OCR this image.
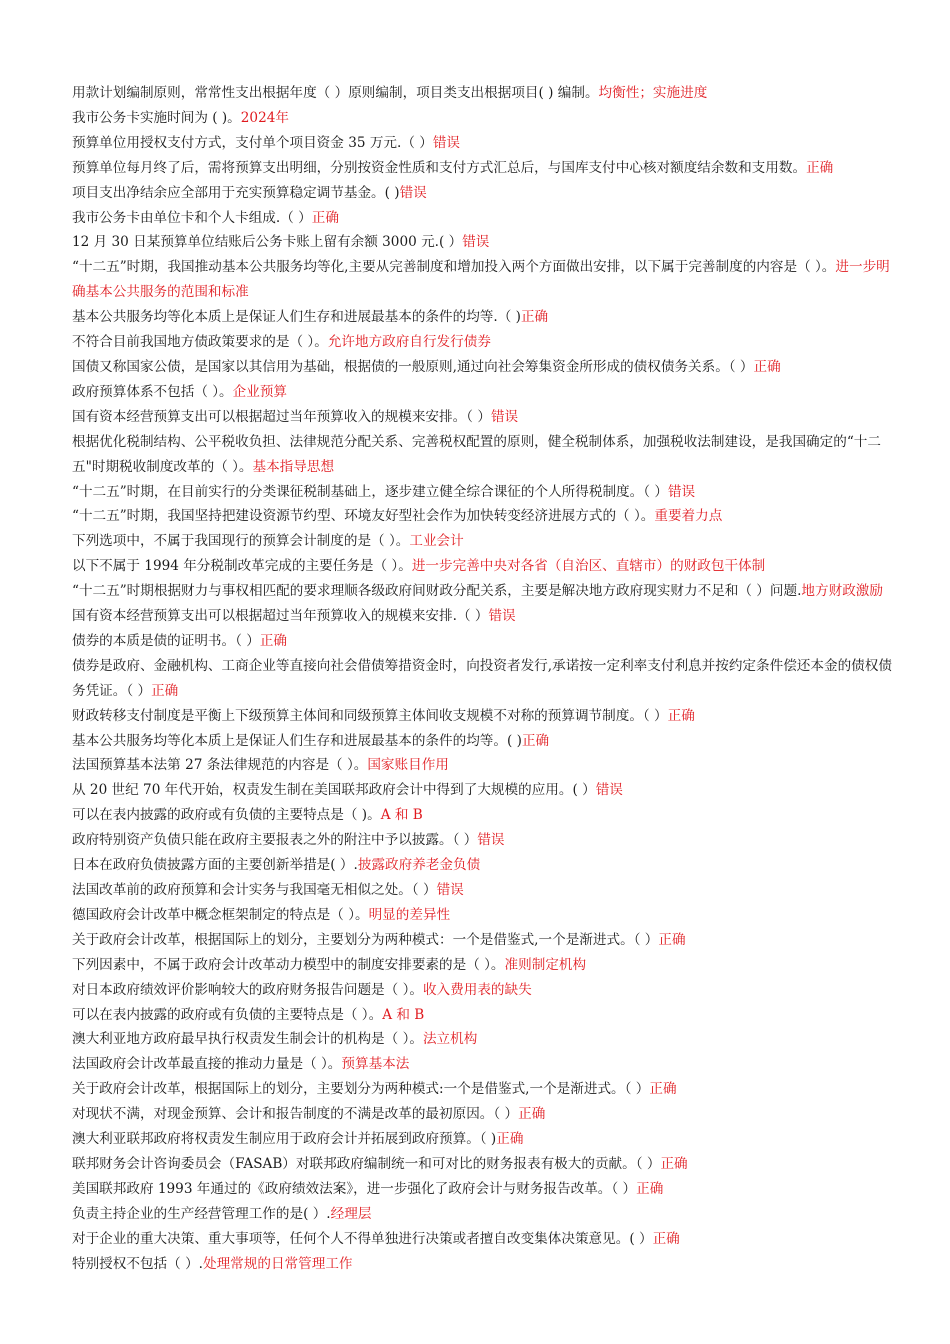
用款计划编制原则，常常性支出根据年度（ ）原则编制，项目类支出根据项目( ) 编制。均衡性；实施进度
我市公务卡实施时间为 ( )。2024年
预算单位用授权支付方式，支付单个项目资金 35 万元.（ ）错误
预算单位每月终了后，需将预算支出明细，分别按资金性质和支付方式汇总后，与国库支付中心核对额度结余数和支用数。正确
项目支出净结余应全部用于充实预算稳定调节基金。( )错误
我市公务卡由单位卡和个人卡组成.（ ）正确
12 月 30 日某预算单位结账后公务卡账上留有余额 3000 元.( ）错误
“十二五”时期，我国推动基本公共服务均等化,主要从完善制度和增加投入两个方面做出安排，以下属于完善制度的内容是（ ）。进一步明确基本公共服务的范围和标准
基本公共服务均等化本质上是保证人们生存和进展最基本的条件的均等.（ )正确
不符合目前我国地方债政策要求的是（ ）。允许地方政府自行发行债券
国债又称国家公债，是国家以其信用为基础，根据债的一般原则,通过向社会筹集资金所形成的债权债务关系。（ ）正确
政府预算体系不包括（ ）。企业预算
国有资本经营预算支出可以根据超过当年预算收入的规模来安排。（ ）错误
根据优化税制结构、公平税收负担、法律规范分配关系、完善税权配置的原则，健全税制体系，加强税收法制建设，是我国确定的“十二五"时期税收制度改革的（ ）。基本指导思想
“十二五”时期，在目前实行的分类课征税制基础上，逐步建立健全综合课征的个人所得税制度。（ ）错误
“十二五”时期，我国坚持把建设资源节约型、环境友好型社会作为加快转变经济进展方式的（ ）。重要着力点
下列选项中，不属于我国现行的预算会计制度的是（ ）。工业会计
以下不属于 1994 年分税制改革完成的主要任务是（ ）。进一步完善中央对各省（自治区、直辖市）的财政包干体制
“十二五”时期根据财力与事权相匹配的要求理顺各级政府间财政分配关系，主要是解决地方政府现实财力不足和（ ）问题.地方财政激励
国有资本经营预算支出可以根据超过当年预算收入的规模来安排.（ ）错误
债券的本质是债的证明书。（ ）正确
债券是政府、金融机构、工商企业等直接向社会借债筹措资金时，向投资者发行,承诺按一定利率支付利息并按约定条件偿还本金的债权债务凭证。（ ）正确
财政转移支付制度是平衡上下级预算主体间和同级预算主体间收支规模不对称的预算调节制度。（ ）正确
基本公共服务均等化本质上是保证人们生存和进展最基本的条件的均等。( )正确
法国预算基本法第 27 条法律规范的内容是（ ）。国家账目作用
从 20 世纪 70 年代开始，权责发生制在美国联邦政府会计中得到了大规模的应用。( ）错误
可以在表内披露的政府或有负债的主要特点是（ )。A 和 B
政府特别资产负债只能在政府主要报表之外的附注中予以披露。（ ）错误
日本在政府负债披露方面的主要创新举措是( ）.披露政府养老金负债
法国改革前的政府预算和会计实务与我国毫无相似之处。（ ）错误
德国政府会计改革中概念框架制定的特点是（ ）。明显的差异性
关于政府会计改革，根据国际上的划分，主要划分为两种模式：一个是借鉴式,一个是渐进式。（ ）正确
下列因素中，不属于政府会计改革动力模型中的制度安排要素的是（ ）。准则制定机构
对日本政府绩效评价影响较大的政府财务报告问题是（ ）。收入费用表的缺失
可以在表内披露的政府或有负债的主要特点是（ ）。A 和 B
澳大利亚地方政府最早执行权责发生制会计的机构是（ ）。法立机构
法国政府会计改革最直接的推动力量是（ ）。预算基本法
关于政府会计改革，根据国际上的划分，主要划分为两种模式:一个是借鉴式,一个是渐进式。（ ）正确
对现状不满，对现金预算、会计和报告制度的不满是改革的最初原因。（ ）正确
澳大利亚联邦政府将权责发生制应用于政府会计并拓展到政府预算。（ )正确
联邦财务会计咨询委员会（FASAB）对联邦政府编制统一和可对比的财务报表有极大的贡献。（ ）正确
美国联邦政府 1993 年通过的《政府绩效法案》，进一步强化了政府会计与财务报告改革。（ ）正确
负责主持企业的生产经营管理工作的是( ）.经理层
对于企业的重大决策、重大事项等，任何个人不得单独进行决策或者擅自改变集体决策意见。( ）正确
特别授权不包括（ ）.处理常规的日常管理工作
